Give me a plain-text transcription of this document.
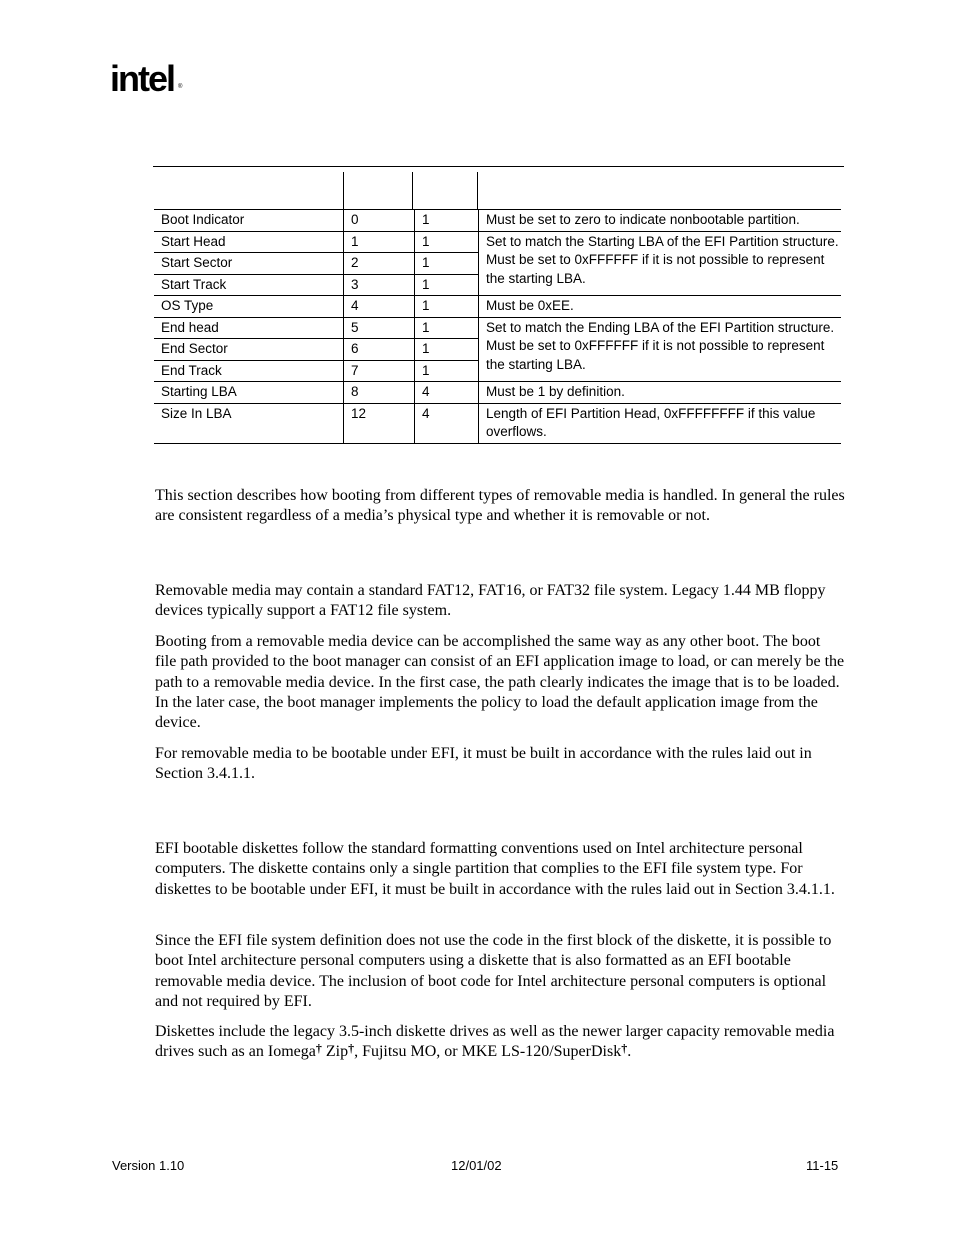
intel ®
Boot Indicator	0	1	Must be set to zero to indicate nonbootable partition.
Start Head	1	1	Set to match the Starting LBA of the EFI Partition structure. Must be set to 0xFFFFFF if it is not possible to represent the starting LBA.
Start Sector	2	1	
Start Track	3	1	
OS Type	4	1	Must be 0xEE.
End head	5	1	Set to match the Ending LBA of the EFI Partition structure. Must be set to 0xFFFFFF if it is not possible to represent the starting LBA.
End Sector	6	1	
End Track	7	1	
Starting LBA	8	4	Must be 1 by definition.
Size In LBA	12	4	Length of EFI Partition Head, 0xFFFFFFFF if this value overflows.

This section describes how booting from different types of removable media is handled. In general the rules are consistent regardless of a media’s physical type and whether it is removable or not.

Removable media may contain a standard FAT12, FAT16, or FAT32 file system. Legacy 1.44 MB floppy devices typically support a FAT12 file system.

Booting from a removable media device can be accomplished the same way as any other boot. The boot file path provided to the boot manager can consist of an EFI application image to load, or can merely be the path to a removable media device. In the first case, the path clearly indicates the image that is to be loaded. In the later case, the boot manager implements the policy to load the default application image from the device.

For removable media to be bootable under EFI, it must be built in accordance with the rules laid out in Section 3.4.1.1.

EFI bootable diskettes follow the standard formatting conventions used on Intel architecture personal computers. The diskette contains only a single partition that complies to the EFI file system type. For diskettes to be bootable under EFI, it must be built in accordance with the rules laid out in Section 3.4.1.1.

Since the EFI file system definition does not use the code in the first block of the diskette, it is possible to boot Intel architecture personal computers using a diskette that is also formatted as an EFI bootable removable media device. The inclusion of boot code for Intel architecture personal computers is optional and not required by EFI.

Diskettes include the legacy 3.5-inch diskette drives as well as the newer larger capacity removable media drives such as an Iomega† Zip†, Fujitsu MO, or MKE LS-120/SuperDisk†.

Version 1.10	12/01/02	11-15
